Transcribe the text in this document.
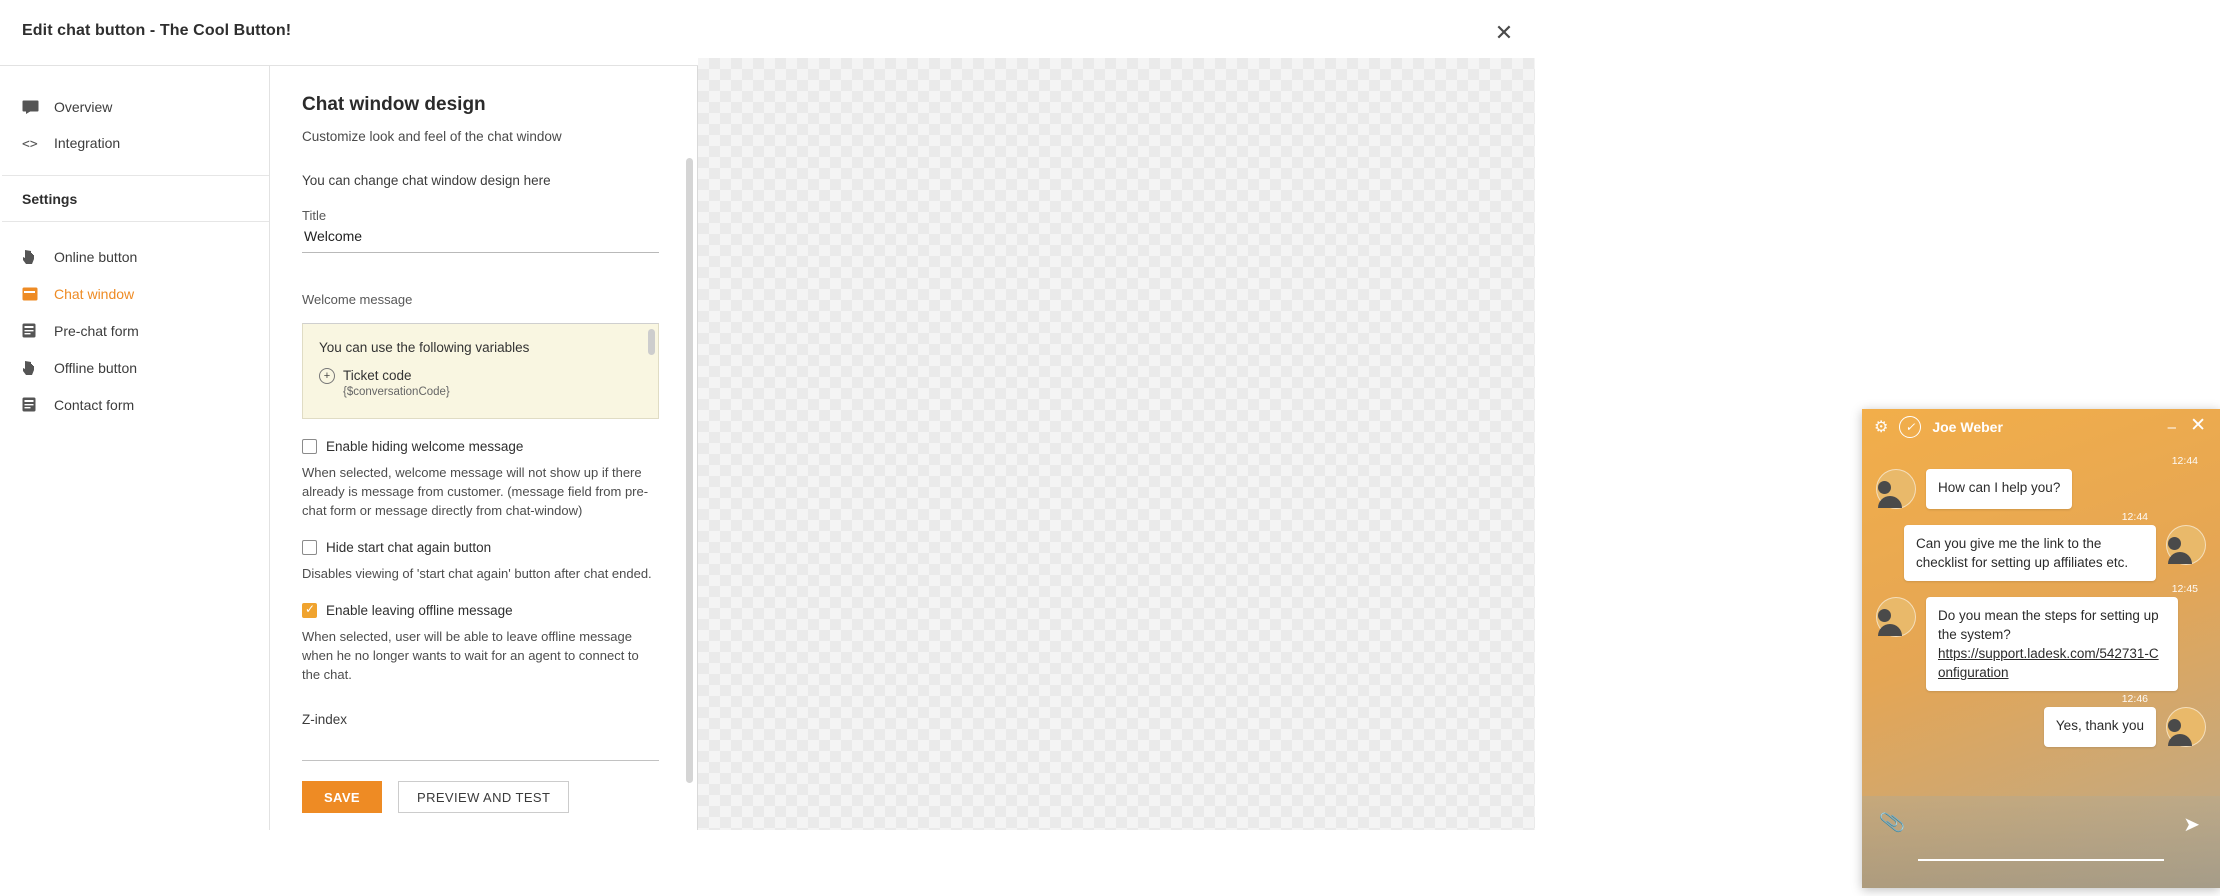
Edit chat button - The Cool Button!	✕
Overview
<>	Integration
Settings
Online button
Chat window
Pre-chat form
Offline button
Contact form
Chat window design
Customize look and feel of the chat window
You can change chat window design here
Title
Welcome
Welcome message
You can use the following variables
+ Ticket code
{$conversationCode}
Enable hiding welcome message
When selected, welcome message will not show up if there already is message from customer. (message field from pre-chat form or message directly from chat-window)
Hide start chat again button
Disables viewing of 'start chat again' button after chat ended.
✓
Enable leaving offline message
When selected, user will be able to leave offline message when he no longer wants to wait for an agent to connect to the chat.
Z-index
SAVE	PREVIEW AND TEST
⚙	✓	Joe Weber	– ✕
How can I help you?
12:44
Can you give me the link to the checklist for setting up affiliates etc.
12:44
Do you mean the steps for setting up the system?
https://support.ladesk.com/542731-Configuration
12:45
Yes, thank you
12:46
📎	➤
